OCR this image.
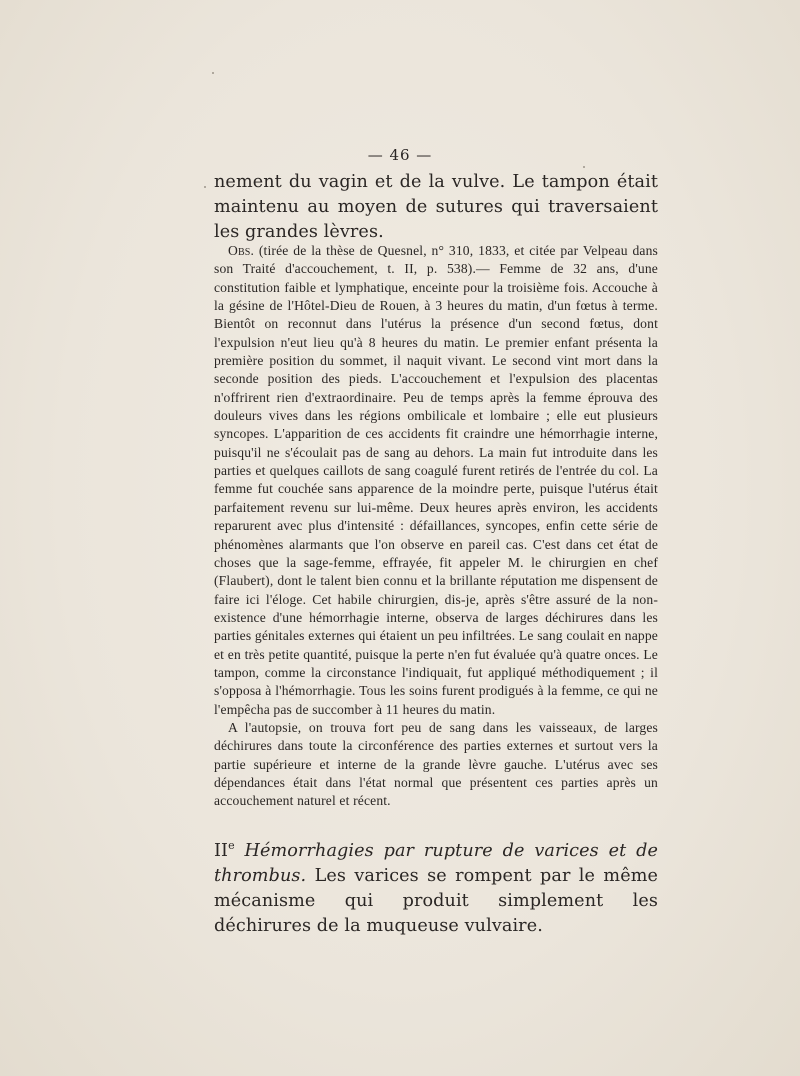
— 46 —
nement du vagin et de la vulve. Le tampon était maintenu au moyen de sutures qui traversaient les grandes lèvres.

Obs. (tirée de la thèse de Quesnel, n° 310, 1833, et citée par Velpeau dans son Traité d'accouchement, t. II, p. 538).— Femme de 32 ans, d'une constitution faible et lymphatique, enceinte pour la troisième fois. Accouche à la gésine de l'Hôtel-Dieu de Rouen, à 3 heures du matin, d'un fœtus à terme. Bientôt on reconnut dans l'utérus la présence d'un second fœtus, dont l'expulsion n'eut lieu qu'à 8 heures du matin. Le premier enfant présenta la première position du sommet, il naquit vivant. Le second vint mort dans la seconde position des pieds. L'accouchement et l'expulsion des placentas n'offrirent rien d'extraordinaire. Peu de temps après la femme éprouva des douleurs vives dans les régions ombilicale et lombaire ; elle eut plusieurs syncopes. L'apparition de ces accidents fit craindre une hémorrhagie interne, puisqu'il ne s'écoulait pas de sang au dehors. La main fut introduite dans les parties et quelques caillots de sang coagulé furent retirés de l'entrée du col. La femme fut couchée sans apparence de la moindre perte, puisque l'utérus était parfaitement revenu sur lui-même. Deux heures après environ, les accidents reparurent avec plus d'intensité : défaillances, syncopes, enfin cette série de phénomènes alarmants que l'on observe en pareil cas. C'est dans cet état de choses que la sage-femme, effrayée, fit appeler M. le chirurgien en chef (Flaubert), dont le talent bien connu et la brillante réputation me dispensent de faire ici l'éloge. Cet habile chirurgien, dis-je, après s'être assuré de la non-existence d'une hémorrhagie interne, observa de larges déchirures dans les parties génitales externes qui étaient un peu infiltrées. Le sang coulait en nappe et en très petite quantité, puisque la perte n'en fut évaluée qu'à quatre onces. Le tampon, comme la circonstance l'indiquait, fut appliqué méthodiquement ; il s'opposa à l'hémorrhagie. Tous les soins furent prodigués à la femme, ce qui ne l'empêcha pas de succomber à 11 heures du matin.

A l'autopsie, on trouva fort peu de sang dans les vaisseaux, de larges déchirures dans toute la circonférence des parties externes et surtout vers la partie supérieure et interne de la grande lèvre gauche. L'utérus avec ses dépendances était dans l'état normal que présentent ces parties après un accouchement naturel et récent.

IIe Hémorrhagies par rupture de varices et de thrombus. Les varices se rompent par le même mécanisme qui produit simplement les déchirures de la muqueuse vulvaire.
